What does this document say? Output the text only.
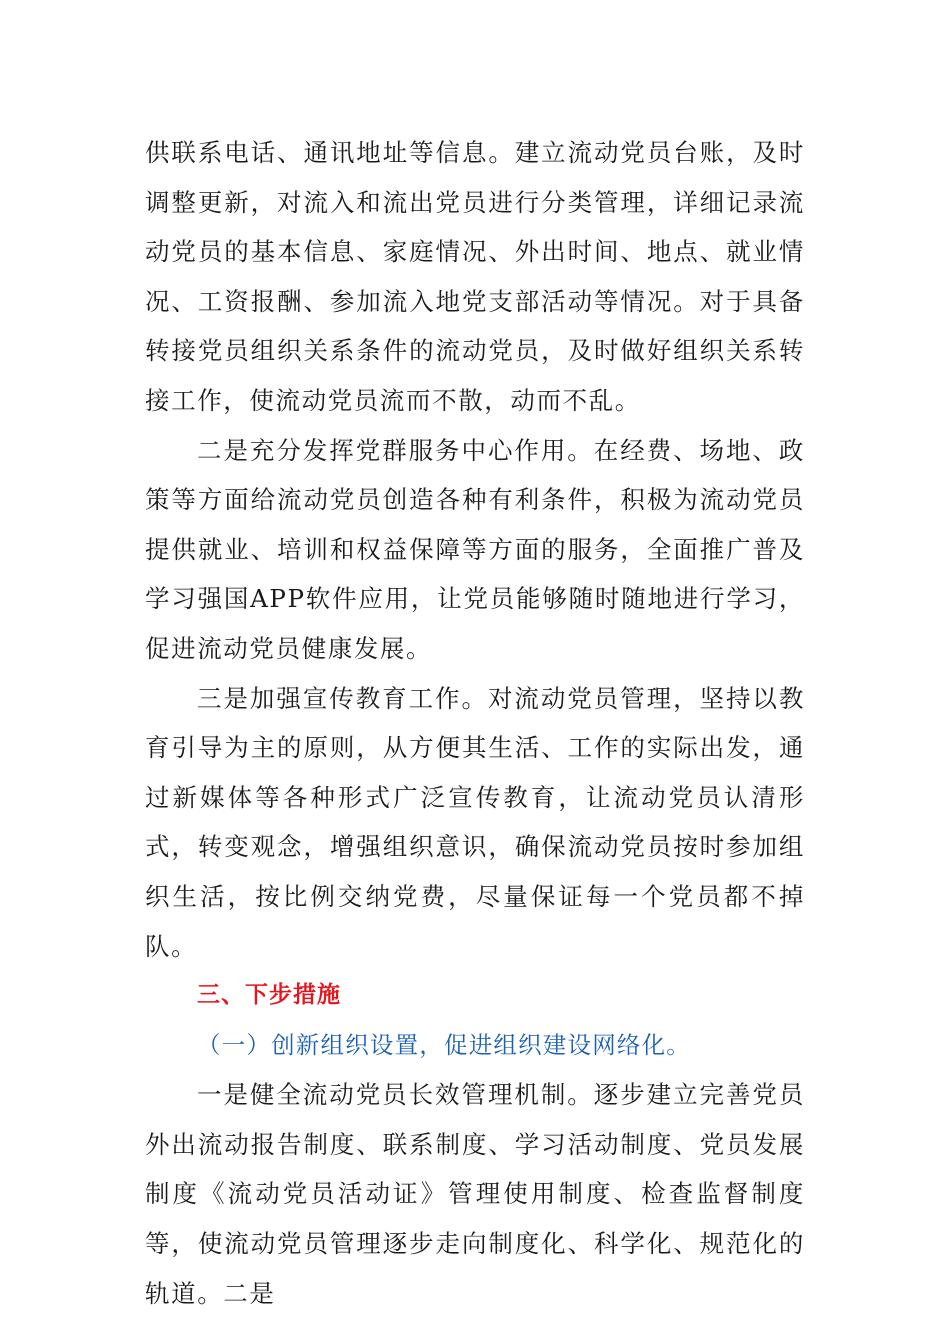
供联系电话、通讯地址等信息。建立流动党员台账，及时调整更新，对流入和流出党员进行分类管理，详细记录流动党员的基本信息、家庭情况、外出时间、地点、就业情况、工资报酬、参加流入地党支部活动等情况。对于具备转接党员组织关系条件的流动党员，及时做好组织关系转接工作，使流动党员流而不散，动而不乱。

二是充分发挥党群服务中心作用。在经费、场地、政策等方面给流动党员创造各种有利条件，积极为流动党员提供就业、培训和权益保障等方面的服务，全面推广普及学习强国APP软件应用，让党员能够随时随地进行学习，促进流动党员健康发展。

三是加强宣传教育工作。对流动党员管理，坚持以教育引导为主的原则，从方便其生活、工作的实际出发，通过新媒体等各种形式广泛宣传教育，让流动党员认清形式，转变观念，增强组织意识，确保流动党员按时参加组织生活，按比例交纳党费，尽量保证每一个党员都不掉队。

三、下步措施

（一）创新组织设置，促进组织建设网络化。

一是健全流动党员长效管理机制。逐步建立完善党员外出流动报告制度、联系制度、学习活动制度、党员发展制度《流动党员活动证》管理使用制度、检查监督制度等，使流动党员管理逐步走向制度化、科学化、规范化的轨道。二是
